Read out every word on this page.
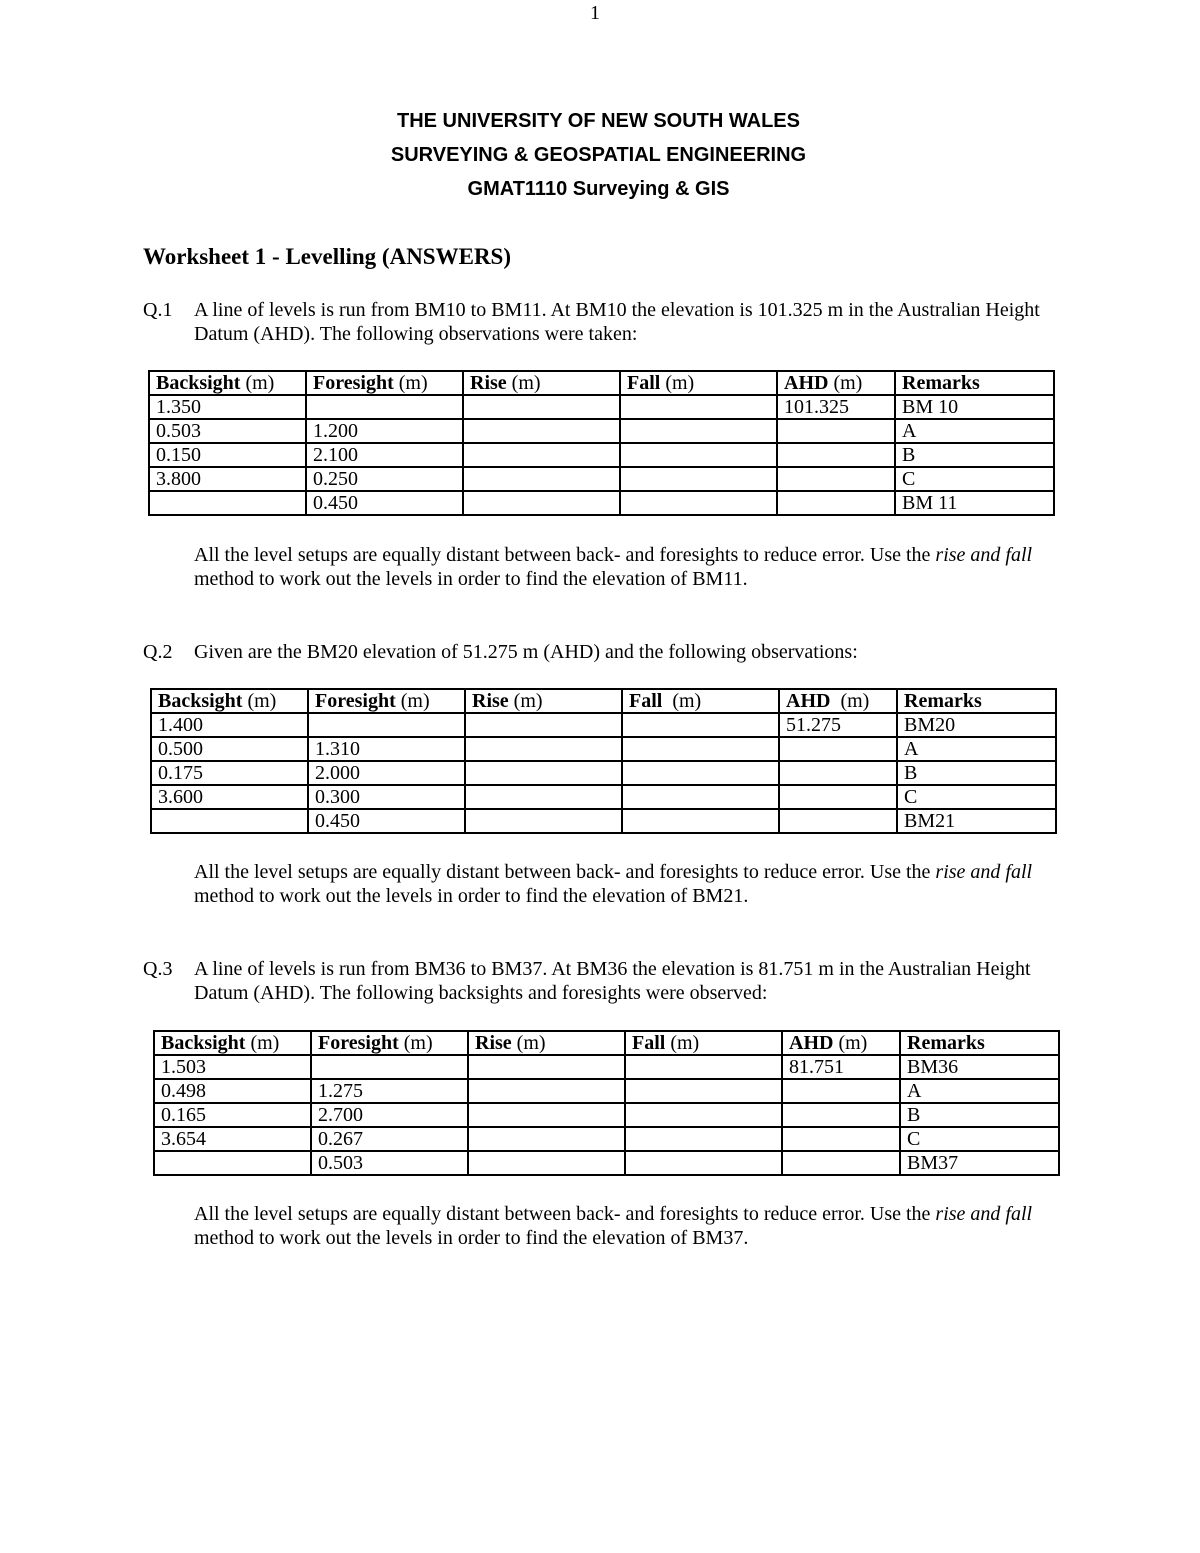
1
THE UNIVERSITY OF NEW SOUTH WALES
SURVEYING & GEOSPATIAL ENGINEERING
GMAT1110 Surveying & GIS
Worksheet 1 - Levelling (ANSWERS)
Q.1 A line of levels is run from BM10 to BM11. At BM10 the elevation is 101.325 m in the Australian Height Datum (AHD). The following observations were taken:
Backsight (m)	Foresight (m)	Rise (m)	Fall (m)	AHD (m)	Remarks
1.350				101.325	BM 10
0.503	1.200				A
0.150	2.100				B
3.800	0.250				C
	0.450				BM 11
All the level setups are equally distant between back- and foresights to reduce error. Use the rise and fall method to work out the levels in order to find the elevation of BM11.
Q.2 Given are the BM20 elevation of 51.275 m (AHD) and the following observations:
Backsight (m)	Foresight (m)	Rise (m)	Fall  (m)	AHD  (m)	Remarks
1.400				51.275	BM20
0.500	1.310				A
0.175	2.000				B
3.600	0.300				C
	0.450				BM21
All the level setups are equally distant between back- and foresights to reduce error. Use the rise and fall method to work out the levels in order to find the elevation of BM21.
Q.3 A line of levels is run from BM36 to BM37. At BM36 the elevation is 81.751 m in the Australian Height Datum (AHD). The following backsights and foresights were observed:
Backsight (m)	Foresight (m)	Rise (m)	Fall (m)	AHD (m)	Remarks
1.503				81.751	BM36
0.498	1.275				A
0.165	2.700				B
3.654	0.267				C
	0.503				BM37
All the level setups are equally distant between back- and foresights to reduce error. Use the rise and fall method to work out the levels in order to find the elevation of BM37.
